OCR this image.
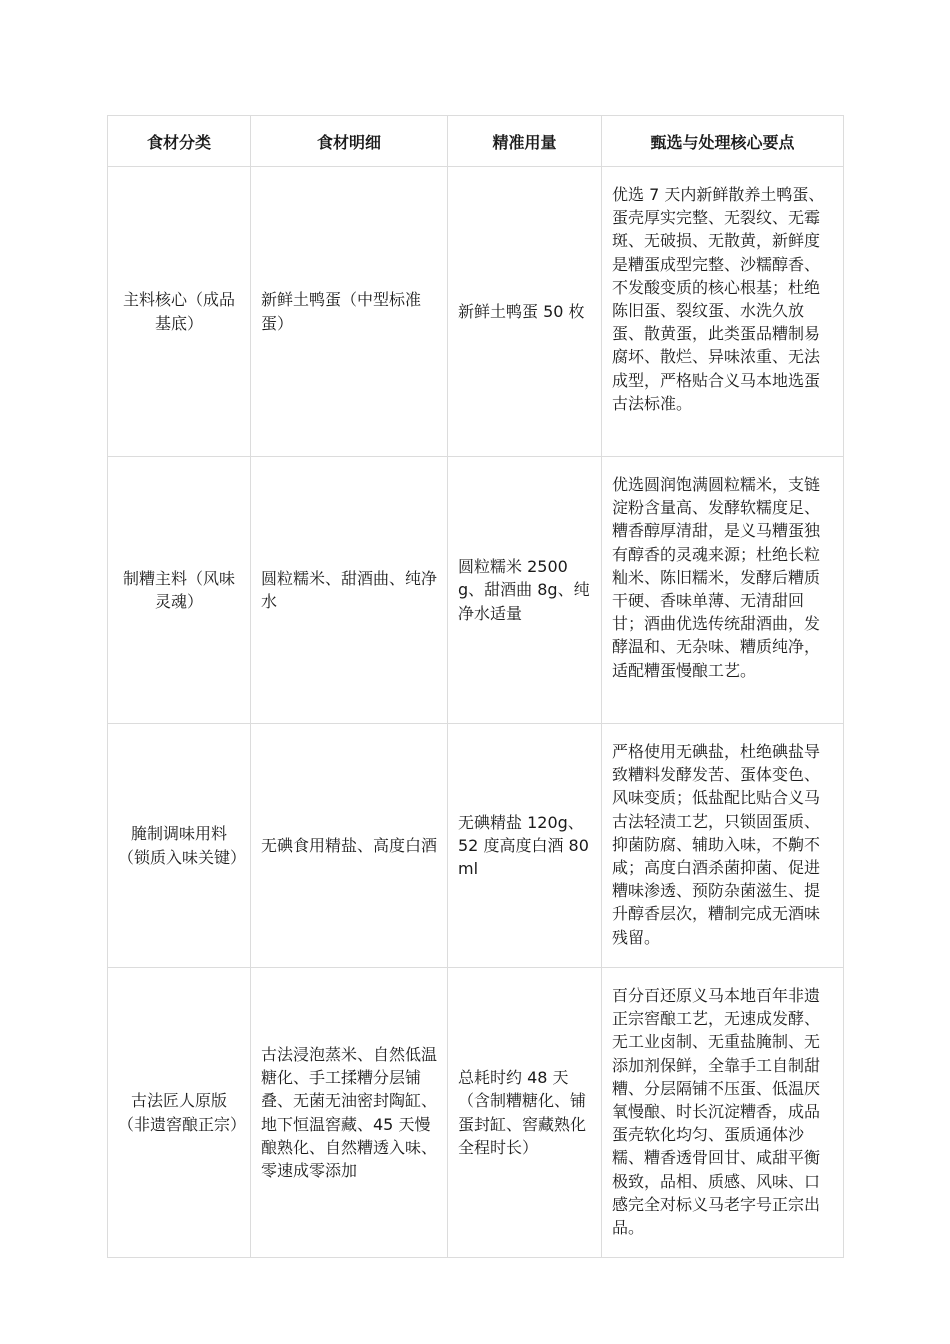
食材分类	食材明细	精准用量	甄选与处理核心要点
主料核心（成品基底）	新鲜土鸭蛋（中型标准蛋）	新鲜土鸭蛋 50 枚	优选 7 天内新鲜散养土鸭蛋、蛋壳厚实完整、无裂纹、无霉斑、无破损、无散黄，新鲜度是糟蛋成型完整、沙糯醇香、不发酸变质的核心根基；杜绝陈旧蛋、裂纹蛋、水洗久放蛋、散黄蛋，此类蛋品糟制易腐坏、散烂、异味浓重、无法成型，严格贴合义马本地选蛋古法标准。
制糟主料（风味灵魂）	圆粒糯米、甜酒曲、纯净水	圆粒糯米 2500g、甜酒曲 8g、纯净水适量	优选圆润饱满圆粒糯米，支链淀粉含量高、发酵软糯度足、糟香醇厚清甜，是义马糟蛋独有醇香的灵魂来源；杜绝长粒籼米、陈旧糯米，发酵后糟质干硬、香味单薄、无清甜回甘；酒曲优选传统甜酒曲，发酵温和、无杂味、糟质纯净，适配糟蛋慢酿工艺。
腌制调味用料（锁质入味关键）	无碘食用精盐、高度白酒	无碘精盐 120g、52 度高度白酒 80ml	严格使用无碘盐，杜绝碘盐导致糟料发酵发苦、蛋体变色、风味变质；低盐配比贴合义马古法轻渍工艺，只锁固蛋质、抑菌防腐、辅助入味，不齁不咸；高度白酒杀菌抑菌、促进糟味渗透、预防杂菌滋生、提升醇香层次，糟制完成无酒味残留。
古法匠人原版（非遗窖酿正宗）	古法浸泡蒸米、自然低温糖化、手工揉糟分层铺叠、无菌无油密封陶缸、地下恒温窖藏、45 天慢酿熟化、自然糟透入味、零速成零添加	总耗时约 48 天（含制糟糖化、铺蛋封缸、窖藏熟化全程时长）	百分百还原义马本地百年非遗正宗窖酿工艺，无速成发酵、无工业卤制、无重盐腌制、无添加剂保鲜，全靠手工自制甜糟、分层隔铺不压蛋、低温厌氧慢酿、时长沉淀糟香，成品蛋壳软化均匀、蛋质通体沙糯、糟香透骨回甘、咸甜平衡极致，品相、质感、风味、口感完全对标义马老字号正宗出品。
